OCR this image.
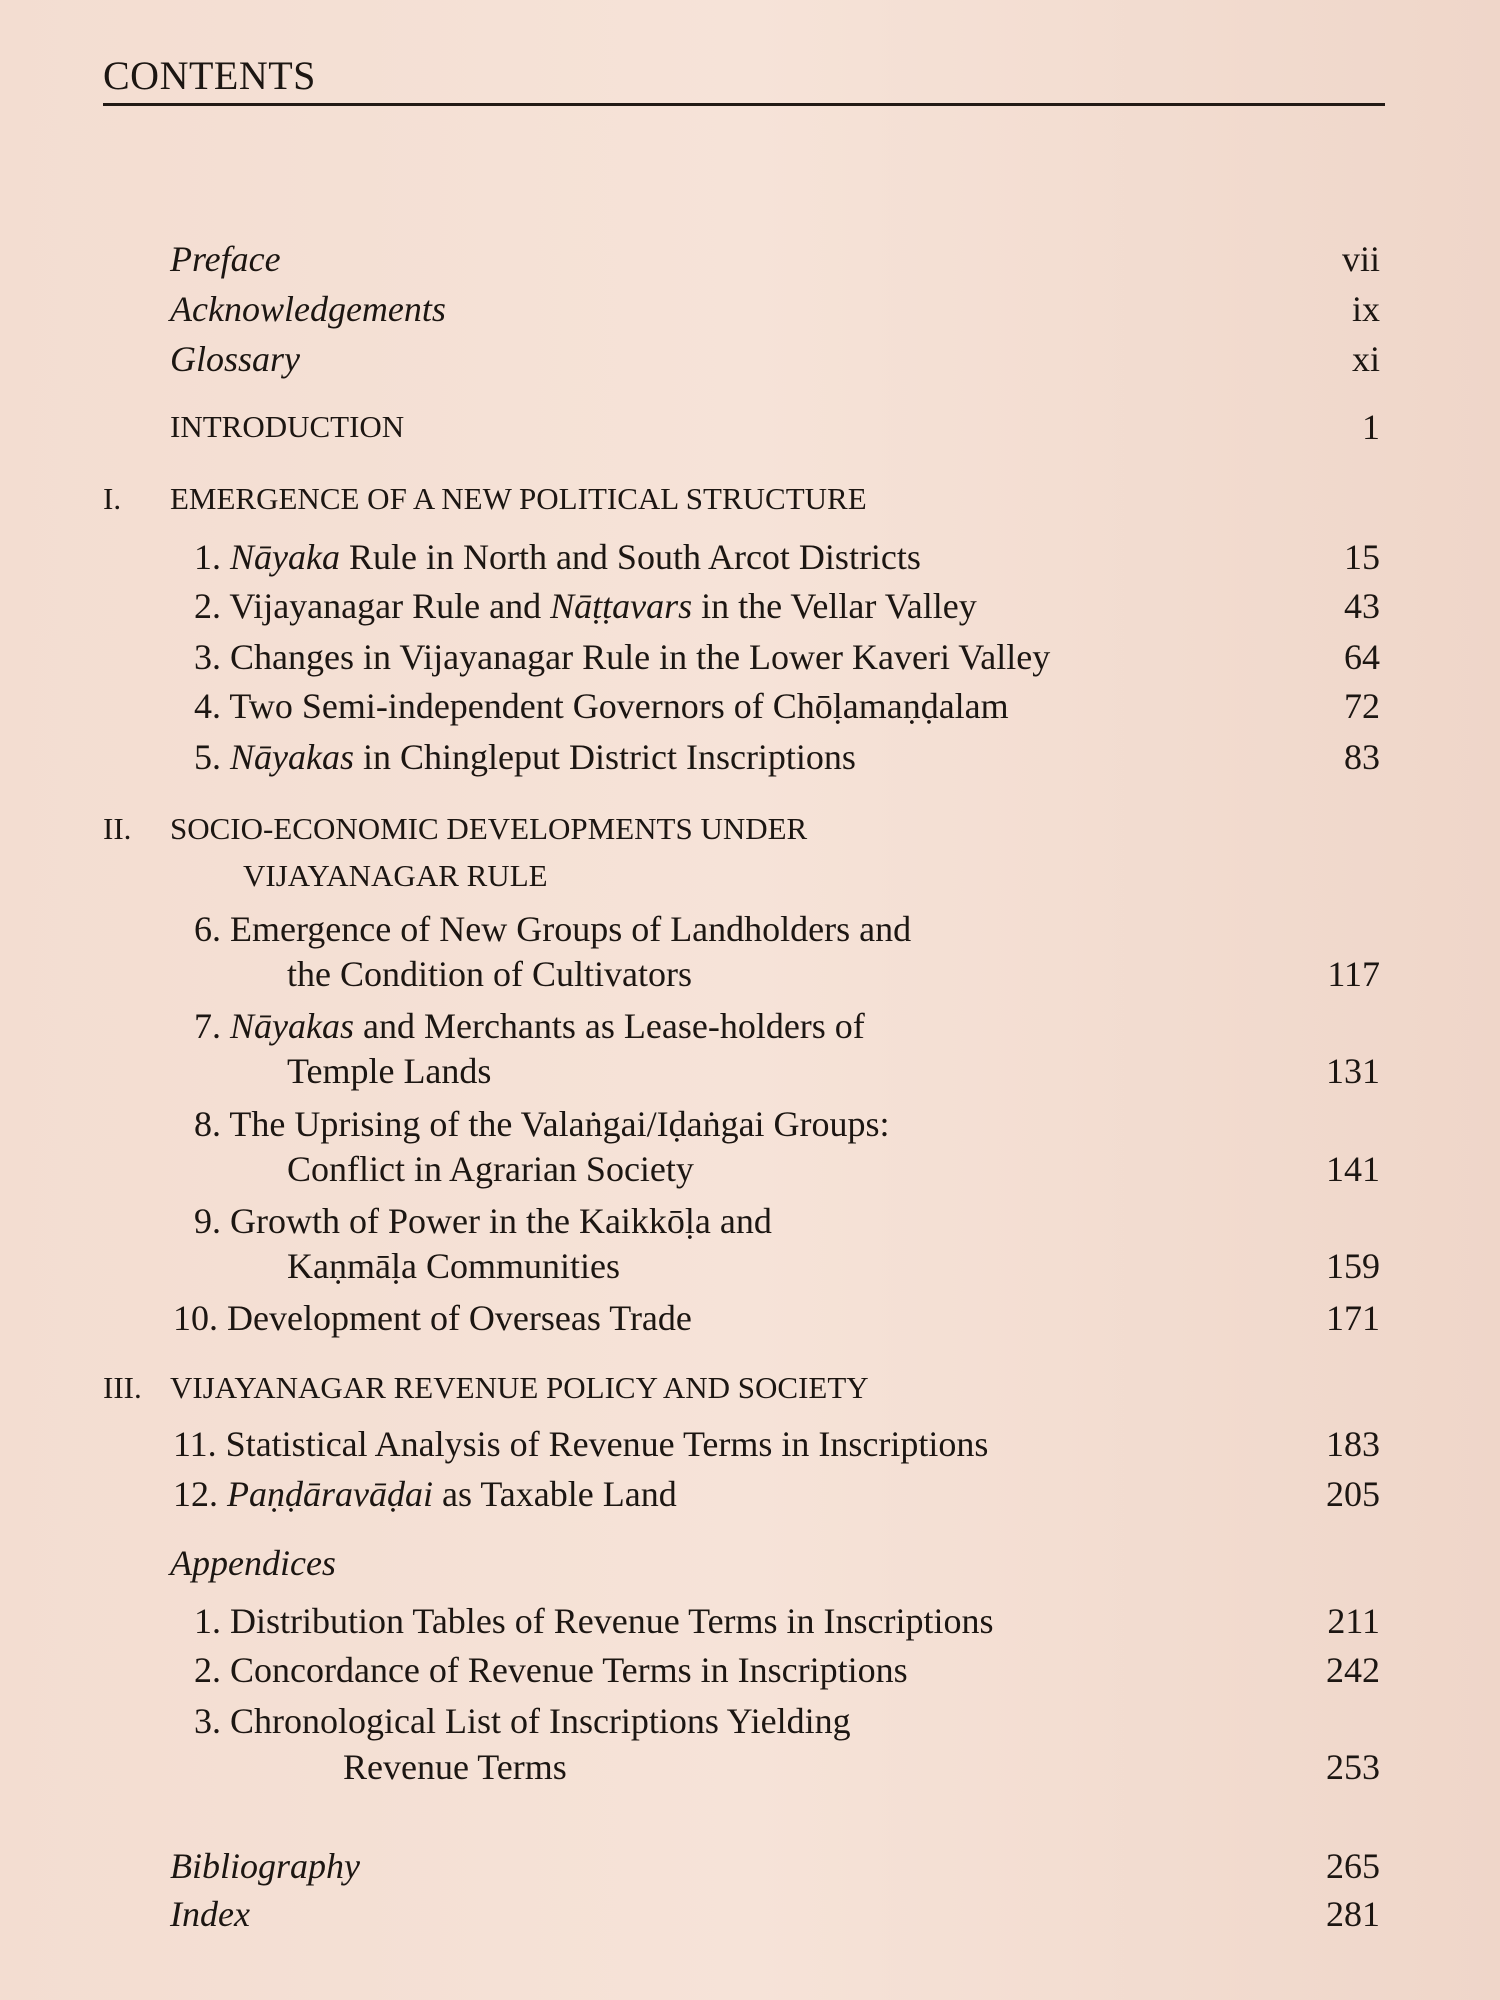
CONTENTS
Preface	vii
Acknowledgements	ix
Glossary	xi
INTRODUCTION	1
I. EMERGENCE OF A NEW POLITICAL STRUCTURE
1. Nāyaka Rule in North and South Arcot Districts	15
2. Vijayanagar Rule and Nāṭṭavars in the Vellar Valley	43
3. Changes in Vijayanagar Rule in the Lower Kaveri Valley	64
4. Two Semi-independent Governors of Chōḷamaṇḍalam	72
5. Nāyakas in Chingleput District Inscriptions	83
II. SOCIO-ECONOMIC DEVELOPMENTS UNDER
VIJAYANAGAR RULE
6. Emergence of New Groups of Landholders and
the Condition of Cultivators	117
7. Nāyakas and Merchants as Lease-holders of
Temple Lands	131
8. The Uprising of the Valaṅgai/Iḍaṅgai Groups:
Conflict in Agrarian Society	141
9. Growth of Power in the Kaikkōḷa and
Kaṇmāḷa Communities	159
10. Development of Overseas Trade	171
III. VIJAYANAGAR REVENUE POLICY AND SOCIETY
11. Statistical Analysis of Revenue Terms in Inscriptions	183
12. Paṇḍāravāḍai as Taxable Land	205
Appendices
1. Distribution Tables of Revenue Terms in Inscriptions	211
2. Concordance of Revenue Terms in Inscriptions	242
3. Chronological List of Inscriptions Yielding
Revenue Terms	253
Bibliography	265
Index	281
